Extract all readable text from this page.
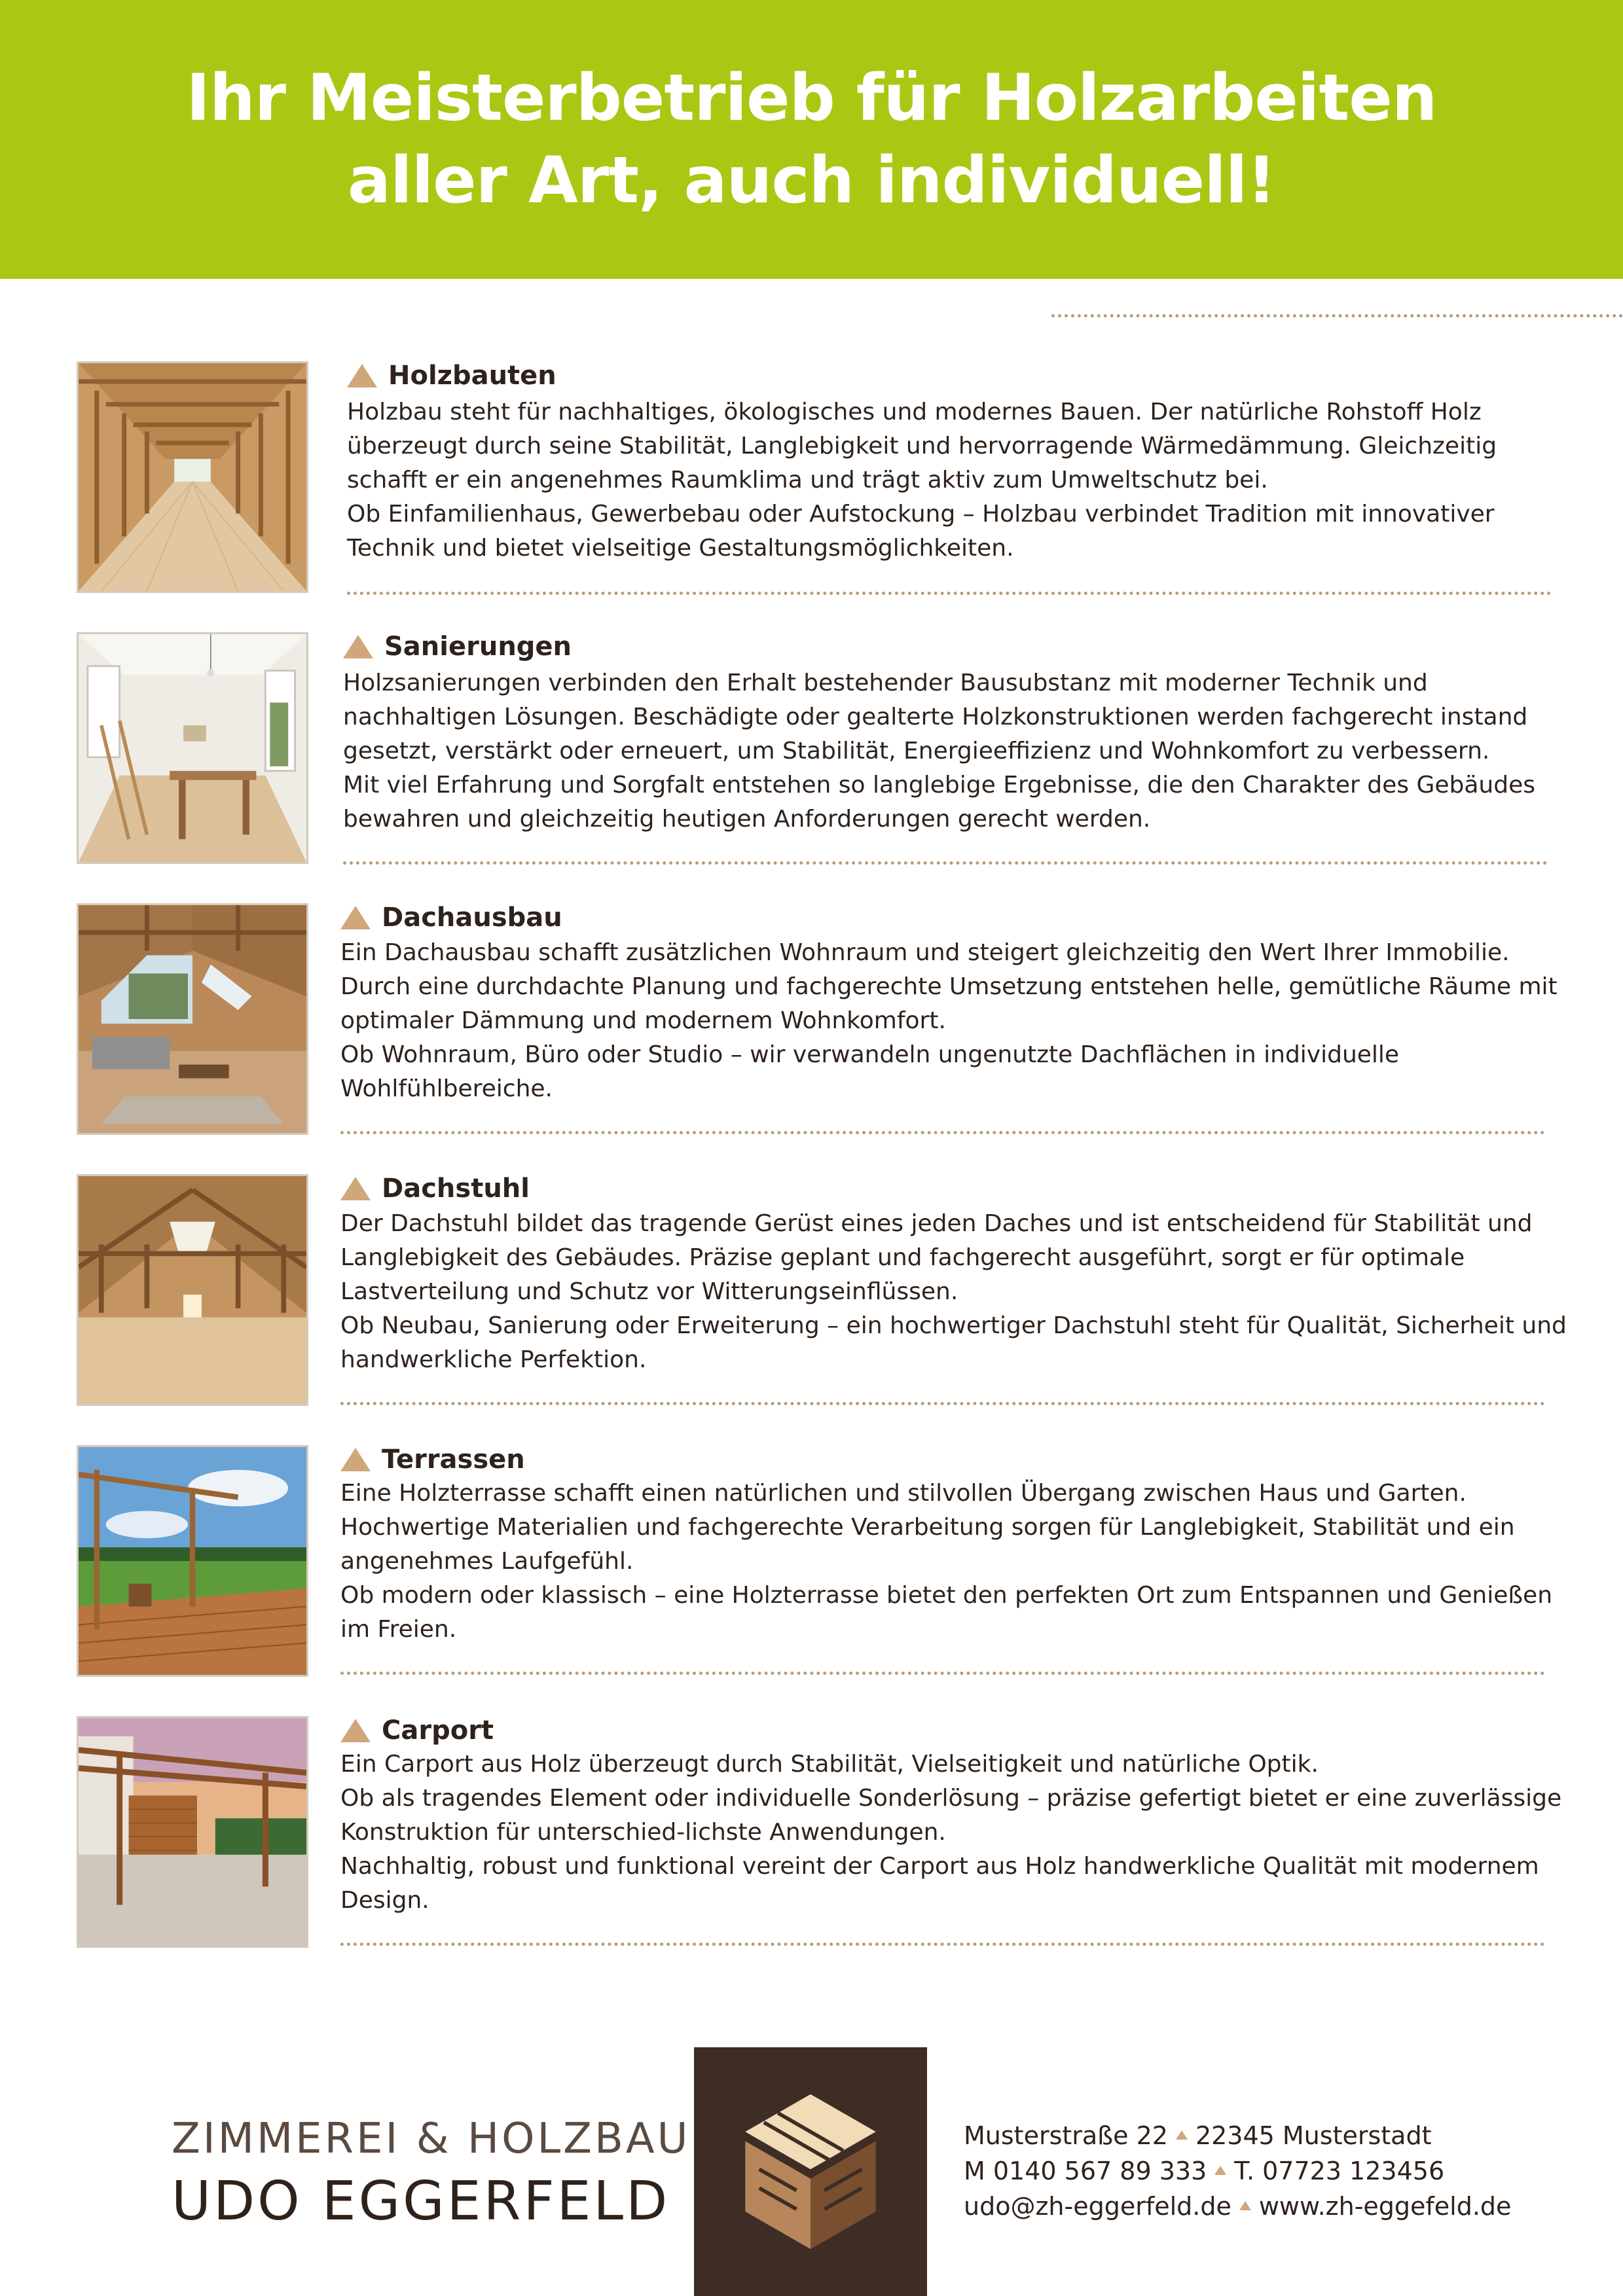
Ihr Meisterbetrieb für Holzarbeiten
aller Art, auch individuell!
Holzbauten

Holzbau steht für nachhaltiges, ökologisches und modernes Bauen. Der natürliche Rohstoff Holz überzeugt durch seine Stabilität, Langlebigkeit und hervorragende Wärmedämmung. Gleichzeitig schafft er ein angenehmes Raumklima und trägt aktiv zum Umweltschutz bei.

Ob Einfamilienhaus, Gewerbebau oder Aufstockung – Holzbau verbindet Tradition mit innovativer Technik und bietet vielseitige Gestaltungsmöglichkeiten.

Sanierungen

Holzsanierungen verbinden den Erhalt bestehender Bausubstanz mit moderner Technik und nachhaltigen Lösungen. Beschädigte oder gealterte Holzkonstruktionen werden fachgerecht instand gesetzt, verstärkt oder erneuert, um Stabilität, Energieeffizienz und Wohnkomfort zu verbessern.

Mit viel Erfahrung und Sorgfalt entstehen so langlebige Ergebnisse, die den Charakter des Gebäudes bewahren und gleichzeitig heutigen Anforderungen gerecht werden.

Dachausbau

Ein Dachausbau schafft zusätzlichen Wohnraum und steigert gleichzeitig den Wert Ihrer Immobilie. Durch eine durchdachte Planung und fachgerechte Umsetzung entstehen helle, gemütliche Räume mit optimaler Dämmung und modernem Wohnkomfort.

Ob Wohnraum, Büro oder Studio – wir verwandeln ungenutzte Dachflächen in individuelle Wohlfühlbereiche.

Dachstuhl

Der Dachstuhl bildet das tragende Gerüst eines jeden Daches und ist entscheidend für Stabilität und Langlebigkeit des Gebäudes. Präzise geplant und fachgerecht ausgeführt, sorgt er für optimale Lastverteilung und Schutz vor Witterungseinflüssen.

Ob Neubau, Sanierung oder Erweiterung – ein hochwertiger Dachstuhl steht für Qualität, Sicherheit und handwerkliche Perfektion.

Terrassen

Eine Holzterrasse schafft einen natürlichen und stilvollen Übergang zwischen Haus und Garten. Hochwertige Materialien und fachgerechte Verarbeitung sorgen für Langlebigkeit, Stabilität und ein angenehmes Laufgefühl.

Ob modern oder klassisch – eine Holzterrasse bietet den perfekten Ort zum Entspannen und Genießen im Freien.

Carport

Ein Carport aus Holz überzeugt durch Stabilität, Vielseitigkeit und natürliche Optik.

Ob als tragendes Element oder individuelle Sonderlösung – präzise gefertigt bietet er eine zuverlässige Konstruktion für unterschied-lichste Anwendungen.

Nachhaltig, robust und funktional vereint der Carport aus Holz handwerkliche Qualität mit modernem Design.

ZIMMEREI & HOLZBAU
UDO EGGERFELD
Musterstraße 22 22345 Musterstadt
M 0140 567 89 333 T. 07723 123456
udo@zh-eggerfeld.de www.zh-eggefeld.de
